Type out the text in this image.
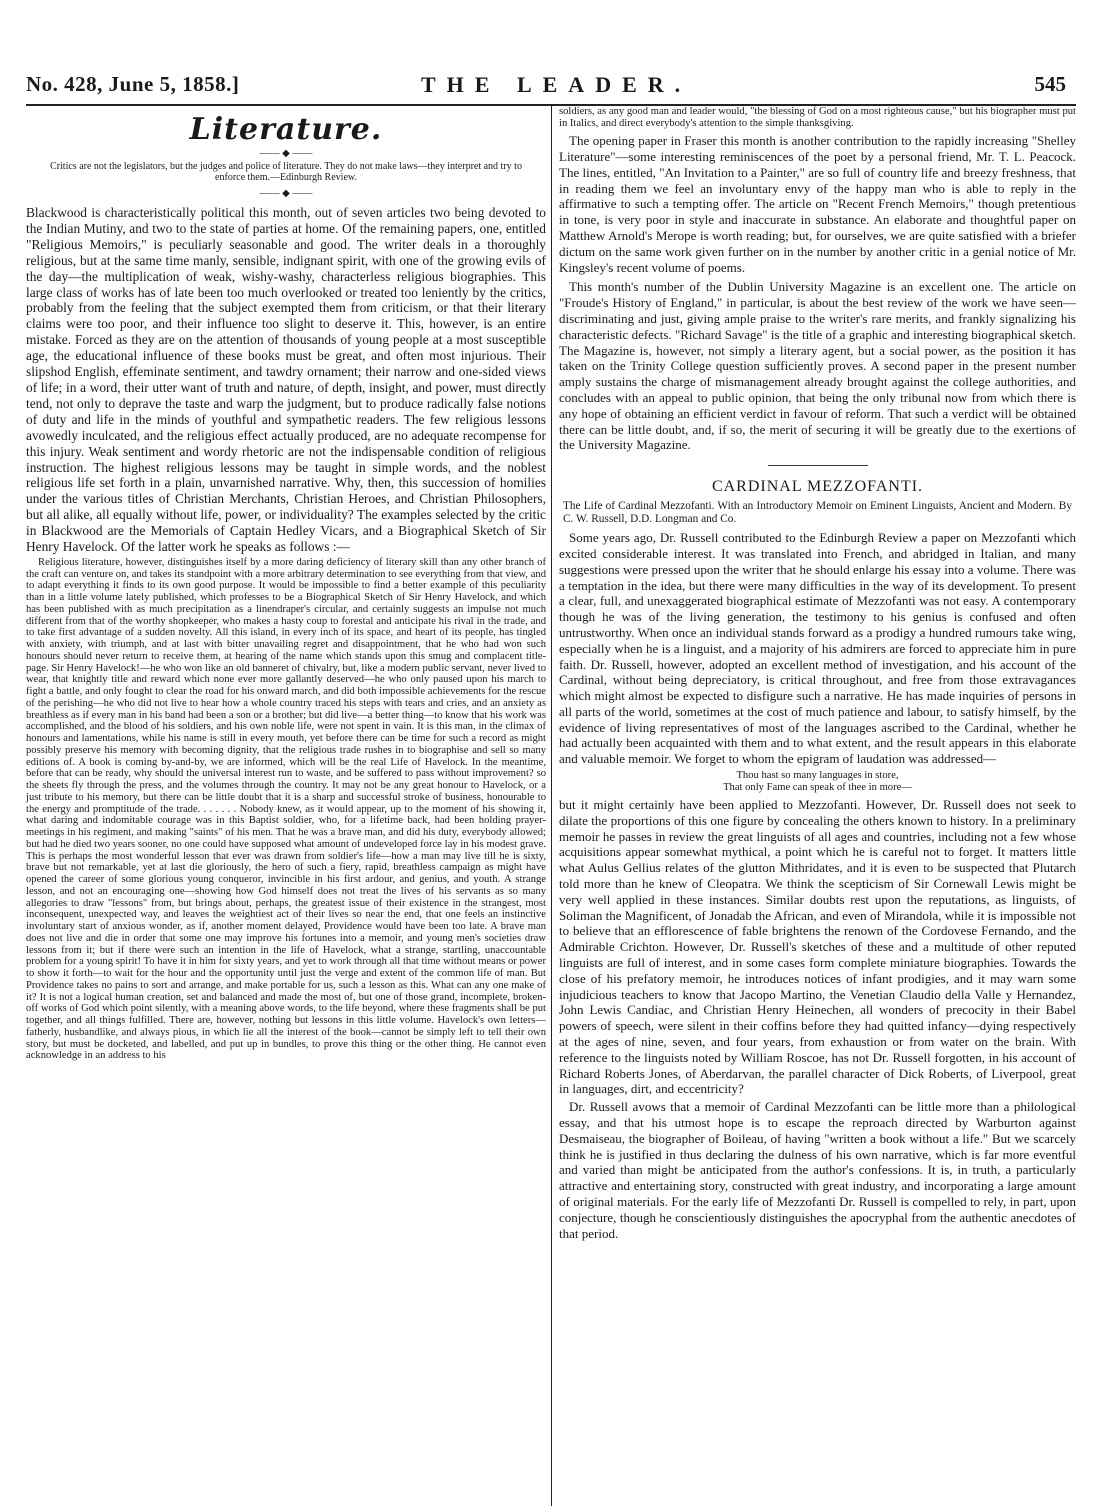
No. 428, June 5, 1858.]	THE LEADER.	545
Literature.
—— ◆ ——
Critics are not the legislators, but the judges and police of literature. They do not make laws—they interpret and try to enforce them.—Edinburgh Review.
—— ◆ ——

Blackwood is characteristically political this month, out of seven articles two being devoted to the Indian Mutiny, and two to the state of parties at home. Of the remaining papers, one, entitled "Religious Memoirs," is peculiarly seasonable and good. The writer deals in a thoroughly religious, but at the same time manly, sensible, indignant spirit, with one of the growing evils of the day—the multiplication of weak, wishy-washy, characterless religious biographies. This large class of works has of late been too much overlooked or treated too leniently by the critics, probably from the feeling that the subject exempted them from criticism, or that their literary claims were too poor, and their influence too slight to deserve it. This, however, is an entire mistake. Forced as they are on the attention of thousands of young people at a most susceptible age, the educational influence of these books must be great, and often most injurious. Their slipshod English, effeminate sentiment, and tawdry ornament; their narrow and one-sided views of life; in a word, their utter want of truth and nature, of depth, insight, and power, must directly tend, not only to deprave the taste and warp the judgment, but to produce radically false notions of duty and life in the minds of youthful and sympathetic readers. The few religious lessons avowedly inculcated, and the religious effect actually produced, are no adequate recompense for this injury. Weak sentiment and wordy rhetoric are not the indispensable condition of religious instruction. The highest religious lessons may be taught in simple words, and the noblest religious life set forth in a plain, unvarnished narrative. Why, then, this succession of homilies under the various titles of Christian Merchants, Christian Heroes, and Christian Philosophers, but all alike, all equally without life, power, or individuality? The examples selected by the critic in Blackwood are the Memorials of Captain Hedley Vicars, and a Biographical Sketch of Sir Henry Havelock. Of the latter work he speaks as follows :—

Religious literature, however, distinguishes itself by a more daring deficiency of literary skill than any other branch of the craft can venture on, and takes its standpoint with a more arbitrary determination to see everything from that view, and to adapt everything it finds to its own good purpose. It would be impossible to find a better example of this peculiarity than in a little volume lately published, which professes to be a Biographical Sketch of Sir Henry Havelock, and which has been published with as much precipitation as a linendraper's circular, and certainly suggests an impulse not much different from that of the worthy shopkeeper, who makes a hasty coup to forestal and anticipate his rival in the trade, and to take first advantage of a sudden novelty. All this island, in every inch of its space, and heart of its people, has tingled with anxiety, with triumph, and at last with bitter unavailing regret and disappointment, that he who had won such honours should never return to receive them, at hearing of the name which stands upon this smug and complacent title-page. Sir Henry Havelock!—he who won like an old banneret of chivalry, but, like a modern public servant, never lived to wear, that knightly title and reward which none ever more gallantly deserved—he who only paused upon his march to fight a battle, and only fought to clear the road for his onward march, and did both impossible achievements for the rescue of the perishing—he who did not live to hear how a whole country traced his steps with tears and cries, and an anxiety as breathless as if every man in his band had been a son or a brother; but did live—a better thing—to know that his work was accomplished, and the blood of his soldiers, and his own noble life, were not spent in vain. It is this man, in the climax of honours and lamentations, while his name is still in every mouth, yet before there can be time for such a record as might possibly preserve his memory with becoming dignity, that the religious trade rushes in to biographise and sell so many editions of. A book is coming by-and-by, we are informed, which will be the real Life of Havelock. In the meantime, before that can be ready, why should the universal interest run to waste, and be suffered to pass without improvement? so the sheets fly through the press, and the volumes through the country. It may not be any great honour to Havelock, or a just tribute to his memory, but there can be little doubt that it is a sharp and successful stroke of business, honourable to the energy and promptitude of the trade. . . . . . . Nobody knew, as it would appear, up to the moment of his showing it, what daring and indomitable courage was in this Baptist soldier, who, for a lifetime back, had been holding prayer-meetings in his regiment, and making "saints" of his men. That he was a brave man, and did his duty, everybody allowed; but had he died two years sooner, no one could have supposed what amount of undeveloped force lay in his modest grave. This is perhaps the most wonderful lesson that ever was drawn from soldier's life—how a man may live till he is sixty, brave but not remarkable, yet at last die gloriously, the hero of such a fiery, rapid, breathless campaign as might have opened the career of some glorious young conqueror, invincible in his first ardour, and genius, and youth. A strange lesson, and not an encouraging one—showing how God himself does not treat the lives of his servants as so many allegories to draw "lessons" from, but brings about, perhaps, the greatest issue of their existence in the strangest, most inconsequent, unexpected way, and leaves the weightiest act of their lives so near the end, that one feels an instinctive involuntary start of anxious wonder, as if, another moment delayed, Providence would have been too late. A brave man does not live and die in order that some one may improve his fortunes into a memoir, and young men's societies draw lessons from it; but if there were such an intention in the life of Havelock, what a strange, startling, unaccountable problem for a young spirit! To have it in him for sixty years, and yet to work through all that time without means or power to show it forth—to wait for the hour and the opportunity until just the verge and extent of the common life of man. But Providence takes no pains to sort and arrange, and make portable for us, such a lesson as this. What can any one make of it? It is not a logical human creation, set and balanced and made the most of, but one of those grand, incomplete, broken-off works of God which point silently, with a meaning above words, to the life beyond, where these fragments shall be put together, and all things fulfilled. There are, however, nothing but lessons in this little volume. Havelock's own letters—fatherly, husbandlike, and always pious, in which lie all the interest of the book—cannot be simply left to tell their own story, but must be docketed, and labelled, and put up in bundles, to prove this thing or the other thing. He cannot even acknowledge in an address to his

soldiers, as any good man and leader would, "the blessing of God on a most righteous cause," but his biographer must put in Italics, and direct everybody's attention to the simple thanksgiving.

The opening paper in Fraser this month is another contribution to the rapidly increasing "Shelley Literature"—some interesting reminiscences of the poet by a personal friend, Mr. T. L. Peacock. The lines, entitled, "An Invitation to a Painter," are so full of country life and breezy freshness, that in reading them we feel an involuntary envy of the happy man who is able to reply in the affirmative to such a tempting offer. The article on "Recent French Memoirs," though pretentious in tone, is very poor in style and inaccurate in substance. An elaborate and thoughtful paper on Matthew Arnold's Merope is worth reading; but, for ourselves, we are quite satisfied with a briefer dictum on the same work given further on in the number by another critic in a genial notice of Mr. Kingsley's recent volume of poems.

This month's number of the Dublin University Magazine is an excellent one. The article on "Froude's History of England," in particular, is about the best review of the work we have seen—discriminating and just, giving ample praise to the writer's rare merits, and frankly signalizing his characteristic defects. "Richard Savage" is the title of a graphic and interesting biographical sketch. The Magazine is, however, not simply a literary agent, but a social power, as the position it has taken on the Trinity College question sufficiently proves. A second paper in the present number amply sustains the charge of mismanagement already brought against the college authorities, and concludes with an appeal to public opinion, that being the only tribunal now from which there is any hope of obtaining an efficient verdict in favour of reform. That such a verdict will be obtained there can be little doubt, and, if so, the merit of securing it will be greatly due to the exertions of the University Magazine.

CARDINAL MEZZOFANTI.

The Life of Cardinal Mezzofanti. With an Introductory Memoir on Eminent Linguists, Ancient and Modern. By C. W. Russell, D.D. Longman and Co.

Some years ago, Dr. Russell contributed to the Edinburgh Review a paper on Mezzofanti which excited considerable interest. It was translated into French, and abridged in Italian, and many suggestions were pressed upon the writer that he should enlarge his essay into a volume. There was a temptation in the idea, but there were many difficulties in the way of its development. To present a clear, full, and unexaggerated biographical estimate of Mezzofanti was not easy. A contemporary though he was of the living generation, the testimony to his genius is confused and often untrustworthy. When once an individual stands forward as a prodigy a hundred rumours take wing, especially when he is a linguist, and a majority of his admirers are forced to appreciate him in pure faith. Dr. Russell, however, adopted an excellent method of investigation, and his account of the Cardinal, without being depreciatory, is critical throughout, and free from those extravagances which might almost be expected to disfigure such a narrative. He has made inquiries of persons in all parts of the world, sometimes at the cost of much patience and labour, to satisfy himself, by the evidence of living representatives of most of the languages ascribed to the Cardinal, whether he had actually been acquainted with them and to what extent, and the result appears in this elaborate and valuable memoir. We forget to whom the epigram of laudation was addressed—

Thou hast so many languages in store,
That only Fame can speak of thee in more—

but it might certainly have been applied to Mezzofanti. However, Dr. Russell does not seek to dilate the proportions of this one figure by concealing the others known to history. In a preliminary memoir he passes in review the great linguists of all ages and countries, including not a few whose acquisitions appear somewhat mythical, a point which he is careful not to forget. It matters little what Aulus Gellius relates of the glutton Mithridates, and it is even to be suspected that Plutarch told more than he knew of Cleopatra. We think the scepticism of Sir Cornewall Lewis might be very well applied in these instances. Similar doubts rest upon the reputations, as linguists, of Soliman the Magnificent, of Jonadab the African, and even of Mirandola, while it is impossible not to believe that an efflorescence of fable brightens the renown of the Cordovese Fernando, and the Admirable Crichton. However, Dr. Russell's sketches of these and a multitude of other reputed linguists are full of interest, and in some cases form complete miniature biographies. Towards the close of his prefatory memoir, he introduces notices of infant prodigies, and it may warn some injudicious teachers to know that Jacopo Martino, the Venetian Claudio della Valle y Hernandez, John Lewis Candiac, and Christian Henry Heinechen, all wonders of precocity in their Babel powers of speech, were silent in their coffins before they had quitted infancy—dying respectively at the ages of nine, seven, and four years, from exhaustion or from water on the brain. With reference to the linguists noted by William Roscoe, has not Dr. Russell forgotten, in his account of Richard Roberts Jones, of Aberdarvan, the parallel character of Dick Roberts, of Liverpool, great in languages, dirt, and eccentricity?

Dr. Russell avows that a memoir of Cardinal Mezzofanti can be little more than a philological essay, and that his utmost hope is to escape the reproach directed by Warburton against Desmaiseau, the biographer of Boileau, of having "written a book without a life." But we scarcely think he is justified in thus declaring the dulness of his own narrative, which is far more eventful and varied than might be anticipated from the author's confessions. It is, in truth, a particularly attractive and entertaining story, constructed with great industry, and incorporating a large amount of original materials. For the early life of Mezzofanti Dr. Russell is compelled to rely, in part, upon conjecture, though he conscientiously distinguishes the apocryphal from the authentic anecdotes of that period.
